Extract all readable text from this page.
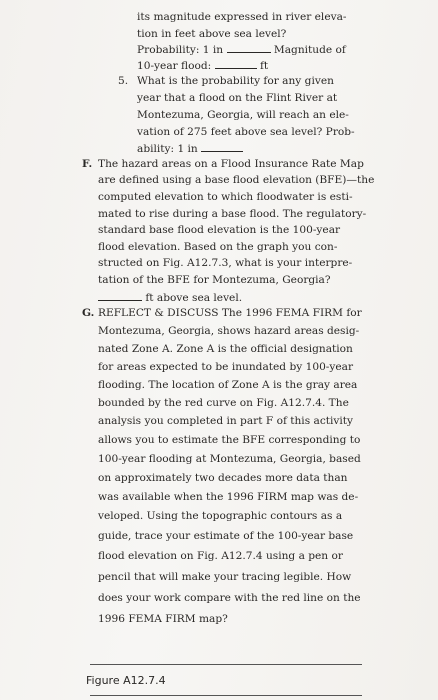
its magnitude expressed in river eleva-
tion in feet above sea level?
Probability: 1 in	Magnitude of
10-year flood:	ft
5. What is the probability for any given
year that a flood on the Flint River at
Montezuma, Georgia, will reach an ele-
vation of 275 feet above sea level? Prob-
ability: 1 in
F. The hazard areas on a Flood Insurance Rate Map
are defined using a base flood elevation (BFE)—the
computed elevation to which floodwater is esti-
mated to rise during a base flood. The regulatory-
standard base flood elevation is the 100-year
flood elevation. Based on the graph you con-
structed on Fig. A12.7.3, what is your interpre-
tation of the BFE for Montezuma, Georgia?
ft above sea level.
G. REFLECT & DISCUSS The 1996 FEMA FIRM for
Montezuma, Georgia, shows hazard areas desig-
nated Zone A. Zone A is the official designation
for areas expected to be inundated by 100-year
flooding. The location of Zone A is the gray area
bounded by the red curve on Fig. A12.7.4. The
analysis you completed in part F of this activity
allows you to estimate the BFE corresponding to
100-year flooding at Montezuma, Georgia, based
on approximately two decades more data than
was available when the 1996 FIRM map was de-
veloped. Using the topographic contours as a
guide, trace your estimate of the 100-year base
flood elevation on Fig. A12.7.4 using a pen or
pencil that will make your tracing legible. How
does your work compare with the red line on the
1996 FEMA FIRM map?
Figure A12.7.4
